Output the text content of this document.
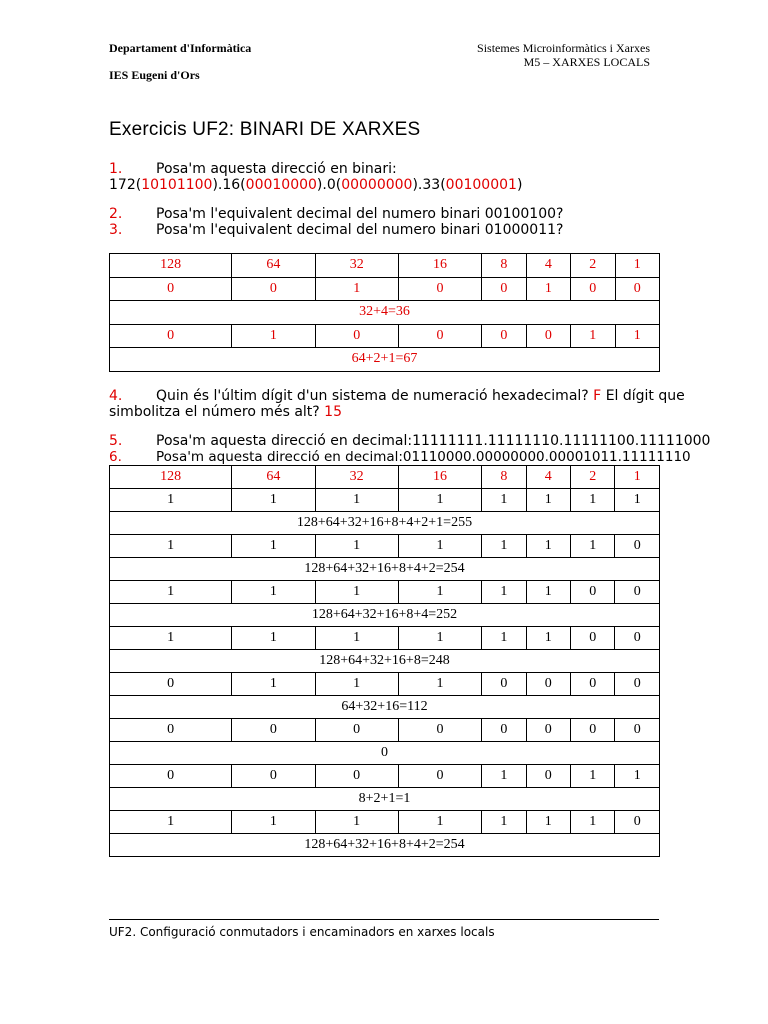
Departament d'Informàtica
IES Eugeni d'Ors
Sistemes Microinformàtics i Xarxes
M5 – XARXES LOCALS
Exercicis UF2: BINARI DE XARXES
1. Posa'm aquesta direcció en binari:
172(10101100).16(00010000).0(00000000).33(00100001)
2. Posa'm l'equivalent decimal del numero binari 00100100?
3. Posa'm l'equivalent decimal del numero binari 01000011?
128	64	32	16	8	4	2	1
0	0	1	0	0	1	0	0
32+4=36							
0	1	0	0	0	0	1	1
64+2+1=67							
4. Quin és l'últim dígit d'un sistema de numeració hexadecimal? F El dígit que
simbolitza el número més alt? 15
5. Posa'm aquesta direcció en decimal:11111111.11111110.11111100.11111000
6.	Posa'm aquesta direcció en decimal:01110000.00000000.00001011.11111110
128	64	32	16	8	4	2	1
1	1	1	1	1	1	1	1
128+64+32+16+8+4+2+1=255							
1	1	1	1	1	1	1	0
128+64+32+16+8+4+2=254							
1	1	1	1	1	1	0	0
128+64+32+16+8+4=252							
1	1	1	1	1	1	0	0
128+64+32+16+8=248							
0	1	1	1	0	0	0	0
64+32+16=112							
0	0	0	0	0	0	0	0
0							
0	0	0	0	1	0	1	1
8+2+1=1							
1	1	1	1	1	1	1	0
128+64+32+16+8+4+2=254							
UF2. Configuració conmutadors i encaminadors en xarxes locals
